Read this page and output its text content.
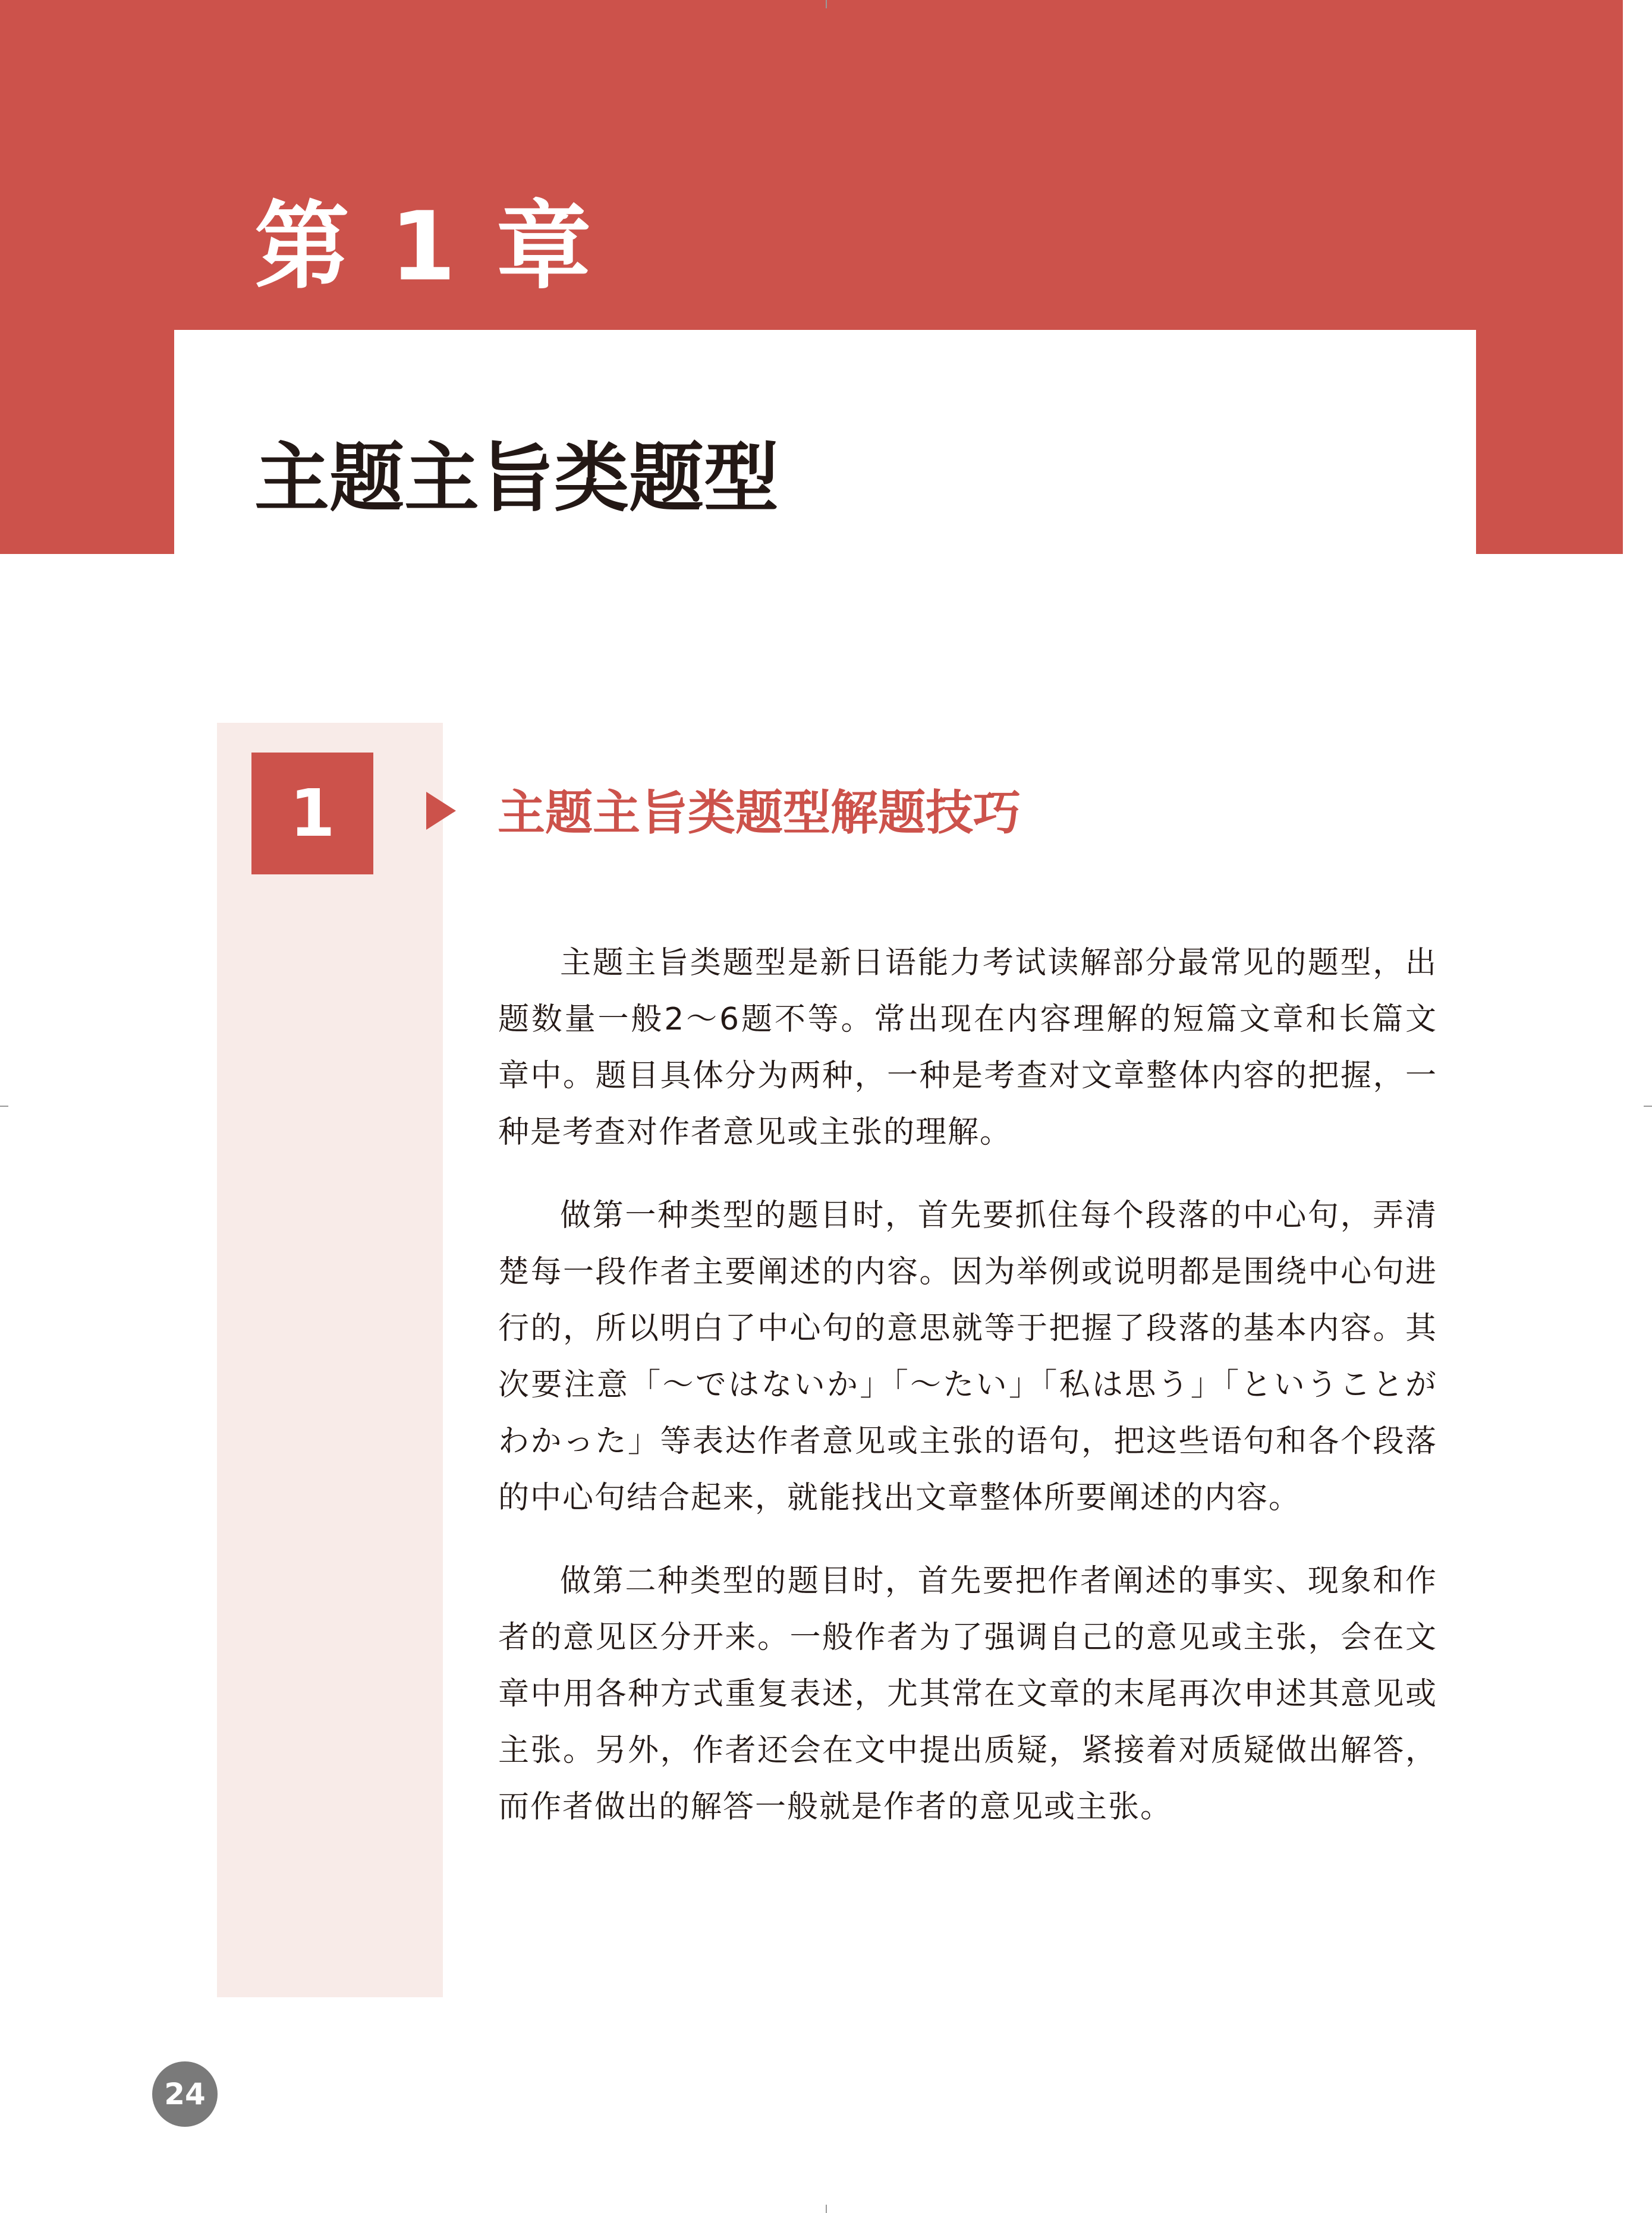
第 1 章
主题主旨类题型
1	主题主旨类题型解题技巧

主题主旨类题型是新日语能力考试读解部分最常见的题型，出题数量一般2～6题不等。常出现在内容理解的短篇文章和长篇文章中。题目具体分为两种，一种是考查对文章整体内容的把握，一种是考查对作者意见或主张的理解。

做第一种类型的题目时，首先要抓住每个段落的中心句，弄清楚每一段作者主要阐述的内容。因为举例或说明都是围绕中心句进行的，所以明白了中心句的意思就等于把握了段落的基本内容。其次要注意「〜ではないか」「〜たい」「私は思う」「ということがわかった」等表达作者意见或主张的语句，把这些语句和各个段落的中心句结合起来，就能找出文章整体所要阐述的内容。

做第二种类型的题目时，首先要把作者阐述的事实、现象和作者的意见区分开来。一般作者为了强调自己的意见或主张，会在文章中用各种方式重复表述，尤其常在文章的末尾再次申述其意见或主张。另外，作者还会在文中提出质疑，紧接着对质疑做出解答，而作者做出的解答一般就是作者的意见或主张。

24
